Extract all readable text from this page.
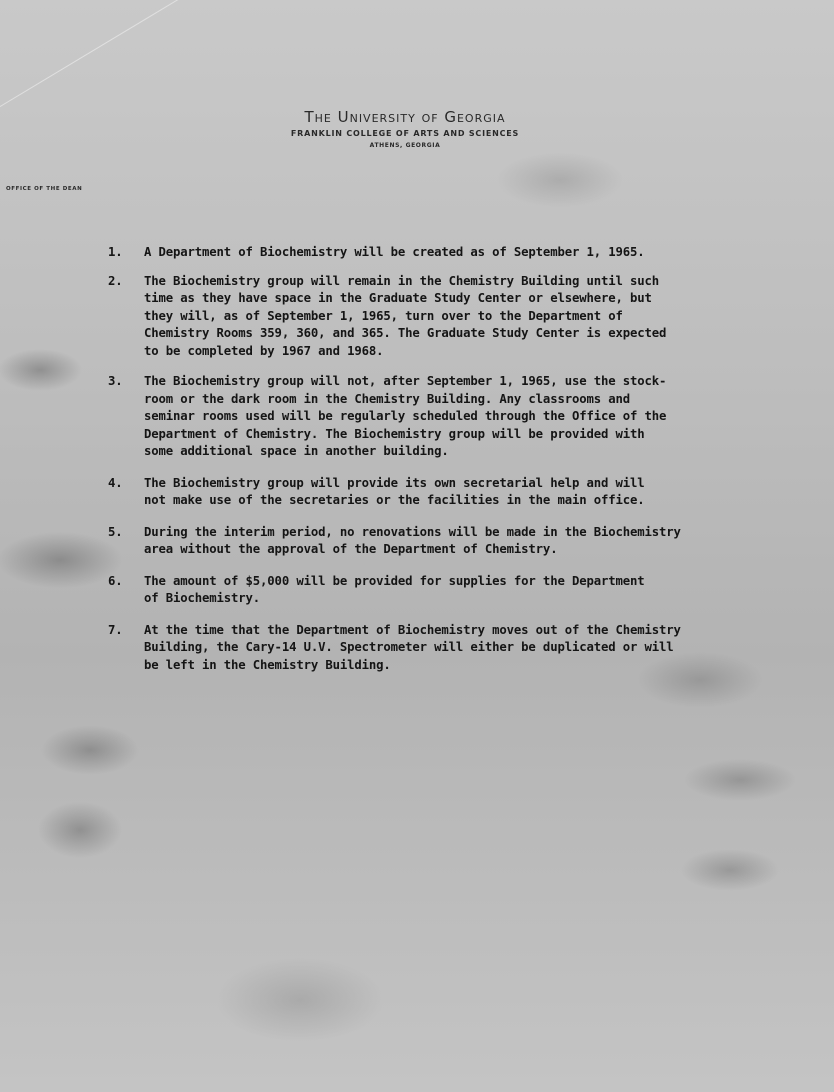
The University of Georgia
FRANKLIN COLLEGE OF ARTS AND SCIENCES
ATHENS, GEORGIA
OFFICE OF THE DEAN
1. A Department of Biochemistry will be created as of September 1, 1965.
2. The Biochemistry group will remain in the Chemistry Building until such
time as they have space in the Graduate Study Center or elsewhere, but
they will, as of September 1, 1965, turn over to the Department of
Chemistry Rooms 359, 360, and 365. The Graduate Study Center is expected
to be completed by 1967 and 1968.
3. The Biochemistry group will not, after September 1, 1965, use the stock-
room or the dark room in the Chemistry Building. Any classrooms and
seminar rooms used will be regularly scheduled through the Office of the
Department of Chemistry. The Biochemistry group will be provided with
some additional space in another building.
4. The Biochemistry group will provide its own secretarial help and will
not make use of the secretaries or the facilities in the main office.
5. During the interim period, no renovations will be made in the Biochemistry
area without the approval of the Department of Chemistry.
6. The amount of $5,000 will be provided for supplies for the Department
of Biochemistry.
7. At the time that the Department of Biochemistry moves out of the Chemistry
Building, the Cary-14 U.V. Spectrometer will either be duplicated or will
be left in the Chemistry Building.
